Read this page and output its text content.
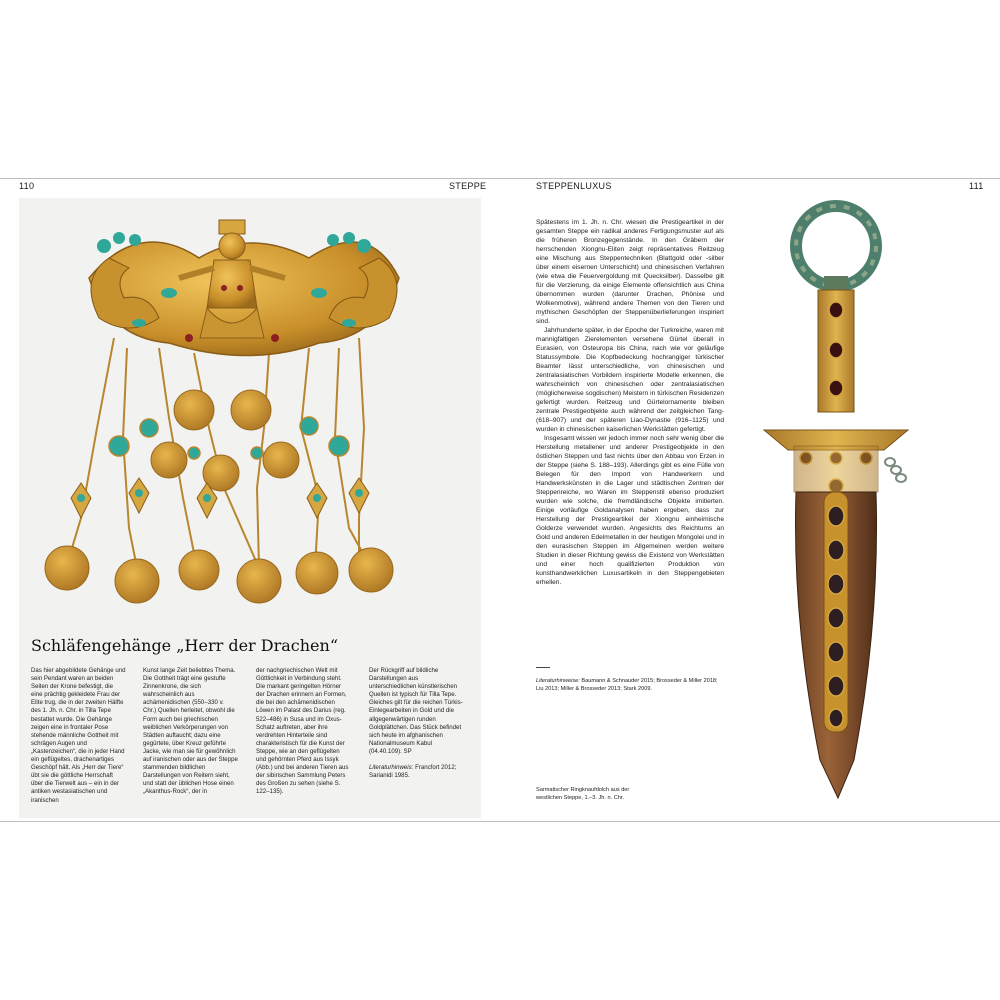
110	STEPPE	STEPPENLUXUS	111
Schläfengehänge „Herr der Drachen“

Das hier abgebildete Gehänge und sein Pendant waren an beiden Seiten der Krone befestigt, die eine prächtig gekleidete Frau der Elite trug, die in der zweiten Hälfte des 1. Jh. n. Chr. in Tilla Tepe bestattet wurde. Die Gehänge zeigen eine in frontaler Pose stehende männliche Gottheit mit schrägen Augen und „Kastenzeichen“, die in jeder Hand ein geflügeltes, drachenartiges Geschöpf hält. Als „Herr der Tiere“ übt sie die göttliche Herrschaft über die Tierwelt aus – ein in der antiken westasiatischen und iranischen

Kunst lange Zeit beliebtes Thema. Die Gottheit trägt eine gestufte Zinnenkrone, die sich wahrscheinlich aus achämenidischen (550–330 v. Chr.) Quellen herleitet, obwohl die Form auch bei griechischen weiblichen Verkörperungen von Städten auftaucht; dazu eine gegürtete, über Kreuz geführte Jacke, wie man sie für gewöhnlich auf iranischen oder aus der Steppe stammenden bildlichen Darstellungen von Reitern sieht, und statt der üblichen Hose einen „Akanthus-Rock“, der in

der nachgriechischen Welt mit Göttlichkeit in Verbindung steht. Die markant geringelten Hörner der Drachen erinnern an Formen, die bei den achämenidischen Löwen im Palast des Darius (reg. 522–486) in Susa und im Oxus-Schatz auftreten, aber ihre verdrehten Hinterteile sind charakteristisch für die Kunst der Steppe, wie an den geflügelten und gehörnten Pferd aus Issyk (Abb.) und bei anderen Tieren aus der sibirischen Sammlung Peters des Großen zu sehen (siehe S. 122–135).

Der Rückgriff auf bildliche Darstellungen aus unterschiedlichen künstlerischen Quellen ist typisch für Tilla Tepe. Gleiches gilt für die reichen Türkis-Einlegearbeiten in Gold und die allgegenwärtigen runden Goldplättchen. Das Stück befindet sich heute im afghanischen Nationalmuseum Kabul (04.40.109). SP

Literaturhinweis: Francfort 2012; Sarianidi 1985.

Spätestens im 1. Jh. n. Chr. wiesen die Prestigeartikel in der gesamten Steppe ein radikal anderes Fertigungsmuster auf als die früheren Bronzegegenstände. In den Gräbern der herrschenden Xiongnu-Eliten zeigt repräsentatives Reitzeug eine Mischung aus Steppentechniken (Blattgold oder -silber über einem eisernen Unterschicht) und chinesischen Verfahren (wie etwa die Feuervergoldung mit Quecksilber). Dasselbe gilt für die Verzierung, da einige Elemente offensichtlich aus China übernommen wurden (darunter Drachen, Phönixe und Wolkenmotive), während andere Themen von den Tieren und mythischen Geschöpfen der Steppenüberlieferungen inspiriert sind.

Jahrhunderte später, in der Epoche der Turkreiche, waren mit mannigfaltigen Zierelementen versehene Gürtel überall in Eurasien, von Osteuropa bis China, nach wie vor geläufige Statussymbole. Die Kopfbedeckung hochrangiger türkischer Beamter lässt unterschiedliche, von chinesischen und zentralasiatischen Vorbildern inspirierte Modelle erkennen, die wahrscheinlich von chinesischen oder zentralasiatischen (möglicherweise sogdischen) Meistern in türkischen Residenzen gefertigt wurden. Reitzeug und Gürtelornamente bleiben zentrale Prestigeobjekte auch während der zeitgleichen Tang- (618–907) und der späteren Liao-Dynastie (916–1125) und wurden in chinesischen kaiserlichen Werkstätten gefertigt.

Insgesamt wissen wir jedoch immer noch sehr wenig über die Herstellung metallener und anderer Prestigeobjekte in den östlichen Steppen und fast nichts über den Abbau von Erzen in der Steppe (siehe S. 188–193). Allerdings gibt es eine Fülle von Belegen für den Import von Handwerkern und Handwerkskünsten in die Lager und städtischen Zentren der Steppenreiche, wo Waren im Steppenstil ebenso produziert wurden wie solche, die fremdländische Objekte imitierten. Einige vorläufige Goldanalysen haben ergeben, dass zur Herstellung der Prestigeartikel der Xiongnu einheimische Golderze verwendet wurden. Angesichts des Reichtums an Gold und anderen Edelmetallen in der heutigen Mongolei und in den eurasischen Steppen im Allgemeinen werden weitere Studien in dieser Richtung gewiss die Existenz von Werkstätten und einer hoch qualifizierten Produktion von kunsthandwerklichen Luxusartikeln in den Steppengebieten erhellen.

Literaturhinweise: Baumann & Schnauder 2015; Brosseder & Miller 2018; Liu 2013; Miller & Brosseder 2013; Stark 2009.
Sarmatischer Ringknaufdolch aus der westlichen Steppe, 1.–3. Jh. n. Chr.
